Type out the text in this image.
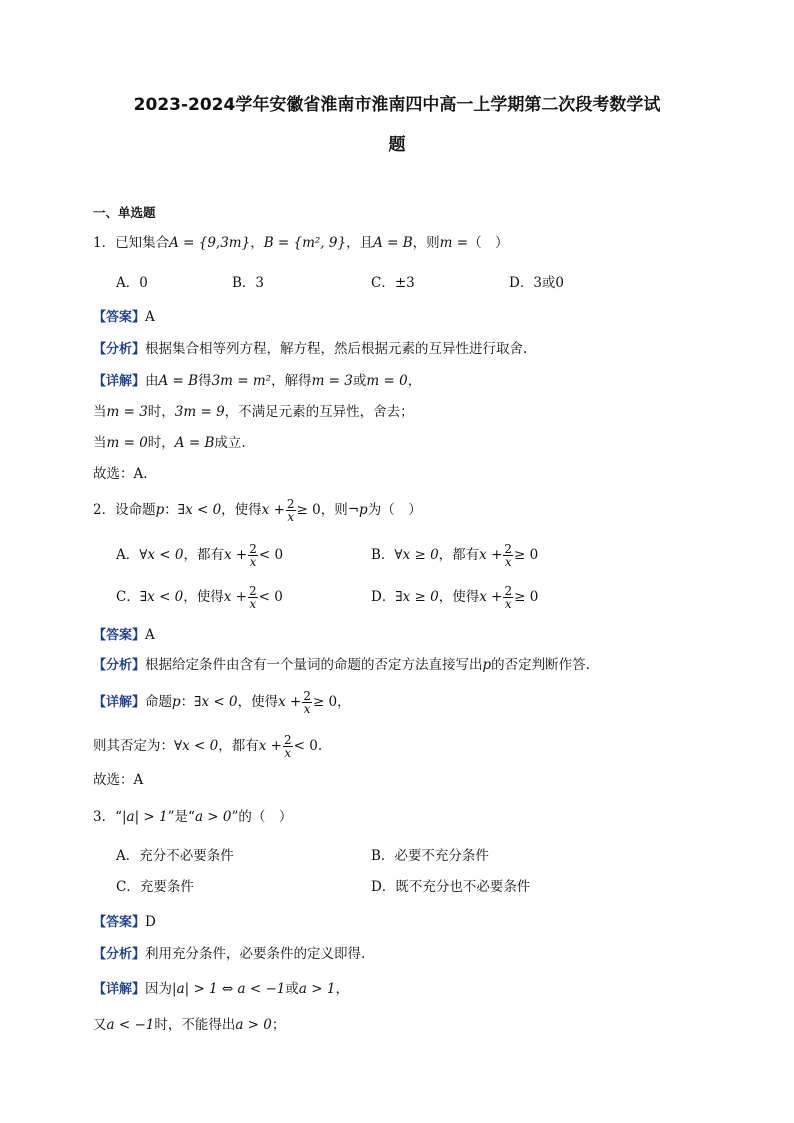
2023-2024学年安徽省淮南市淮南四中高一上学期第二次段考数学试
题
一、单选题
1．已知集合A = {9,3m}，B = {m², 9}，且A = B，则m =（　）
A．0	B．3	C．±3	D．3或0
【答案】A
【分析】根据集合相等列方程，解方程，然后根据元素的互异性进行取舍.
【详解】由A = B得3m = m²，解得m = 3或m = 0，
当m = 3时，3m = 9，不满足元素的互异性，舍去；
当m = 0时，A = B成立.
故选：A.
2．设命题p：∃x < 0，使得$x + \frac{2}{x} \ge 0$，则¬p为（　）
A．∀x < 0，都有$x + \frac{2}{x} < 0$	B．∀x ≥ 0，都有$x + \frac{2}{x} \ge 0$
C．∃x < 0，使得$x + \frac{2}{x} < 0$	D．∃x ≥ 0，使得$x + \frac{2}{x} \ge 0$
【答案】A
【分析】根据给定条件由含有一个量词的命题的否定方法直接写出p的否定判断作答.
【详解】命题p：∃x < 0，使得$x + \frac{2}{x} \ge 0$，
则其否定为：∀x < 0，都有$x + \frac{2}{x} < 0$.
故选：A
3．“|a| > 1”是“a > 0”的（　）
A．充分不必要条件	B．必要不充分条件
C．充要条件	D．既不充分也不必要条件
【答案】D
【分析】利用充分条件，必要条件的定义即得.
【详解】因为|a| > 1 ⇔ a < −1或a > 1，
又a < −1时，不能得出a > 0；
